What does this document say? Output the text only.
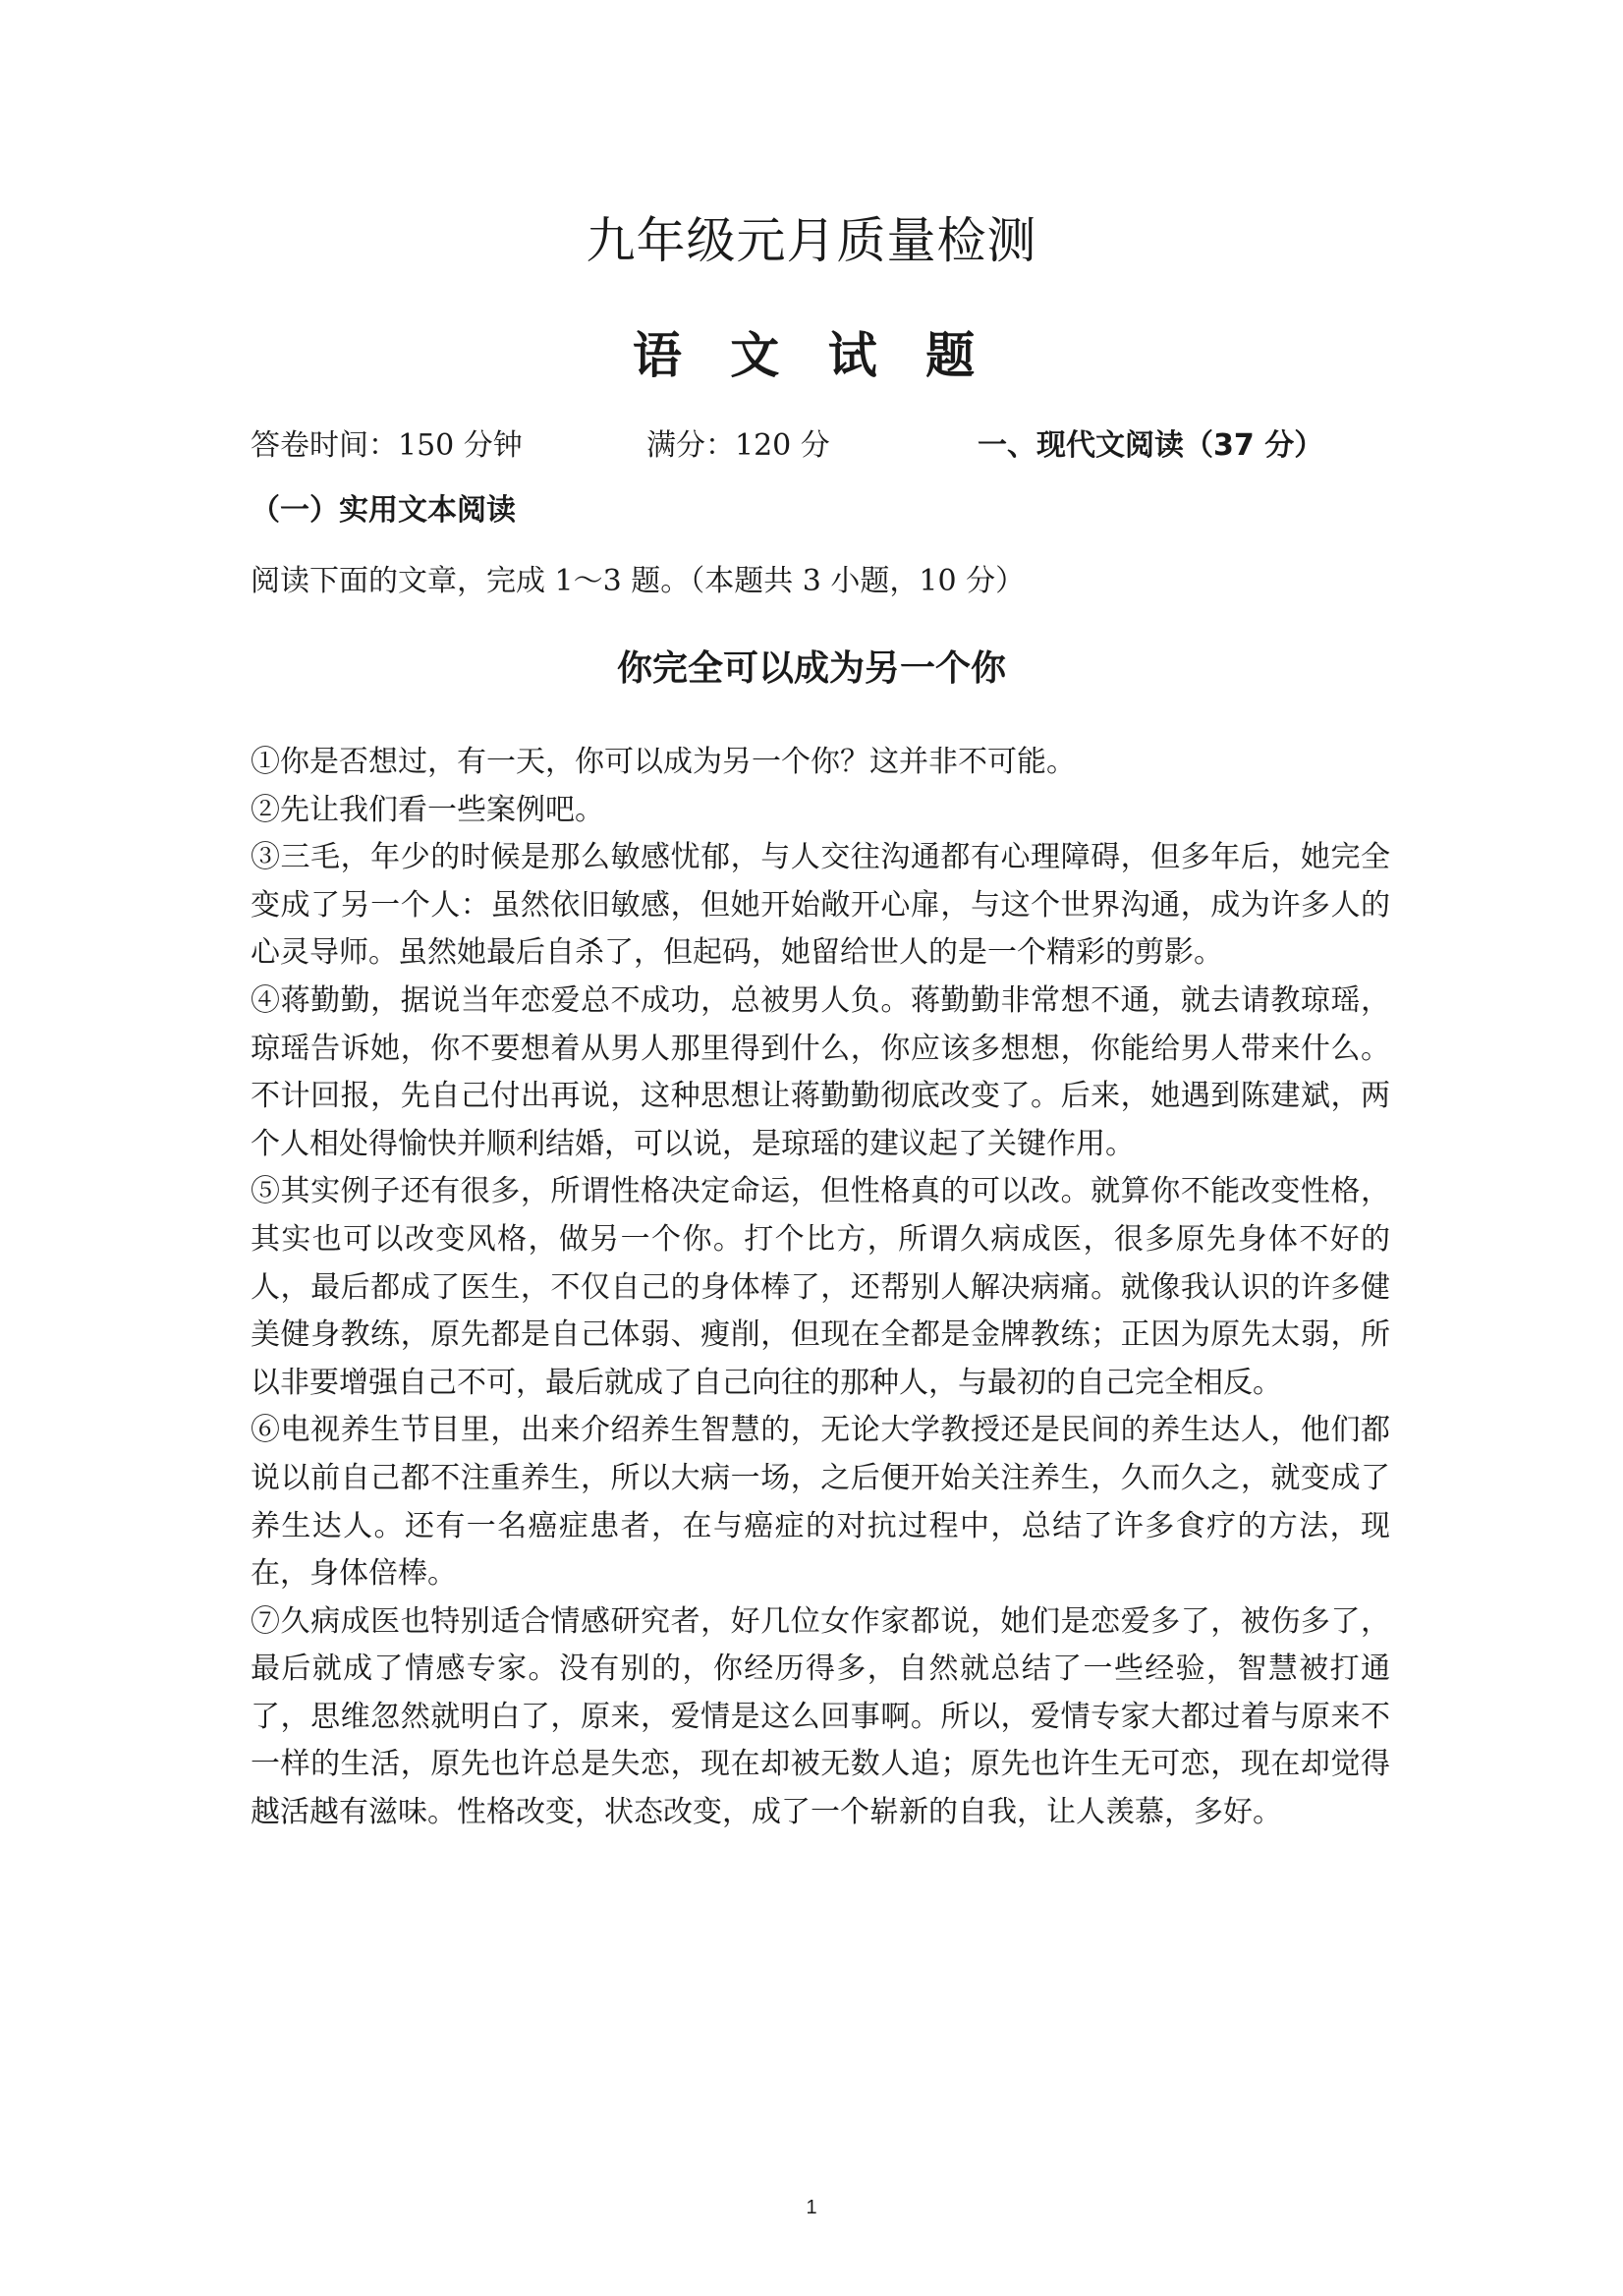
九年级元月质量检测
语 文 试 题
答卷时间：150 分钟	满分：120 分	一、现代文阅读（37 分）
（一）实用文本阅读
阅读下面的文章，完成 1～3 题。（本题共 3 小题，10 分）
你完全可以成为另一个你

①你是否想过，有一天，你可以成为另一个你？这并非不可能。

②先让我们看一些案例吧。

③三毛，年少的时候是那么敏感忧郁，与人交往沟通都有心理障碍，但多年后，她完全变成了另一个人：虽然依旧敏感，但她开始敞开心扉，与这个世界沟通，成为许多人的心灵导师。虽然她最后自杀了，但起码，她留给世人的是一个精彩的剪影。

④蒋勤勤，据说当年恋爱总不成功，总被男人负。蒋勤勤非常想不通，就去请教琼瑶，琼瑶告诉她，你不要想着从男人那里得到什么，你应该多想想，你能给男人带来什么。不计回报，先自己付出再说，这种思想让蒋勤勤彻底改变了。后来，她遇到陈建斌，两个人相处得愉快并顺利结婚，可以说，是琼瑶的建议起了关键作用。

⑤其实例子还有很多，所谓性格决定命运，但性格真的可以改。就算你不能改变性格，其实也可以改变风格，做另一个你。打个比方，所谓久病成医，很多原先身体不好的人，最后都成了医生，不仅自己的身体棒了，还帮别人解决病痛。就像我认识的许多健美健身教练，原先都是自己体弱、瘦削，但现在全都是金牌教练；正因为原先太弱，所以非要增强自己不可，最后就成了自己向往的那种人，与最初的自己完全相反。

⑥电视养生节目里，出来介绍养生智慧的，无论大学教授还是民间的养生达人，他们都说以前自己都不注重养生，所以大病一场，之后便开始关注养生，久而久之，就变成了养生达人。还有一名癌症患者，在与癌症的对抗过程中，总结了许多食疗的方法，现在，身体倍棒。

⑦久病成医也特别适合情感研究者，好几位女作家都说，她们是恋爱多了，被伤多了，最后就成了情感专家。没有别的，你经历得多，自然就总结了一些经验，智慧被打通了，思维忽然就明白了，原来，爱情是这么回事啊。所以，爱情专家大都过着与原来不一样的生活，原先也许总是失恋，现在却被无数人追；原先也许生无可恋，现在却觉得越活越有滋味。性格改变，状态改变，成了一个崭新的自我，让人羡慕，多好。

1
